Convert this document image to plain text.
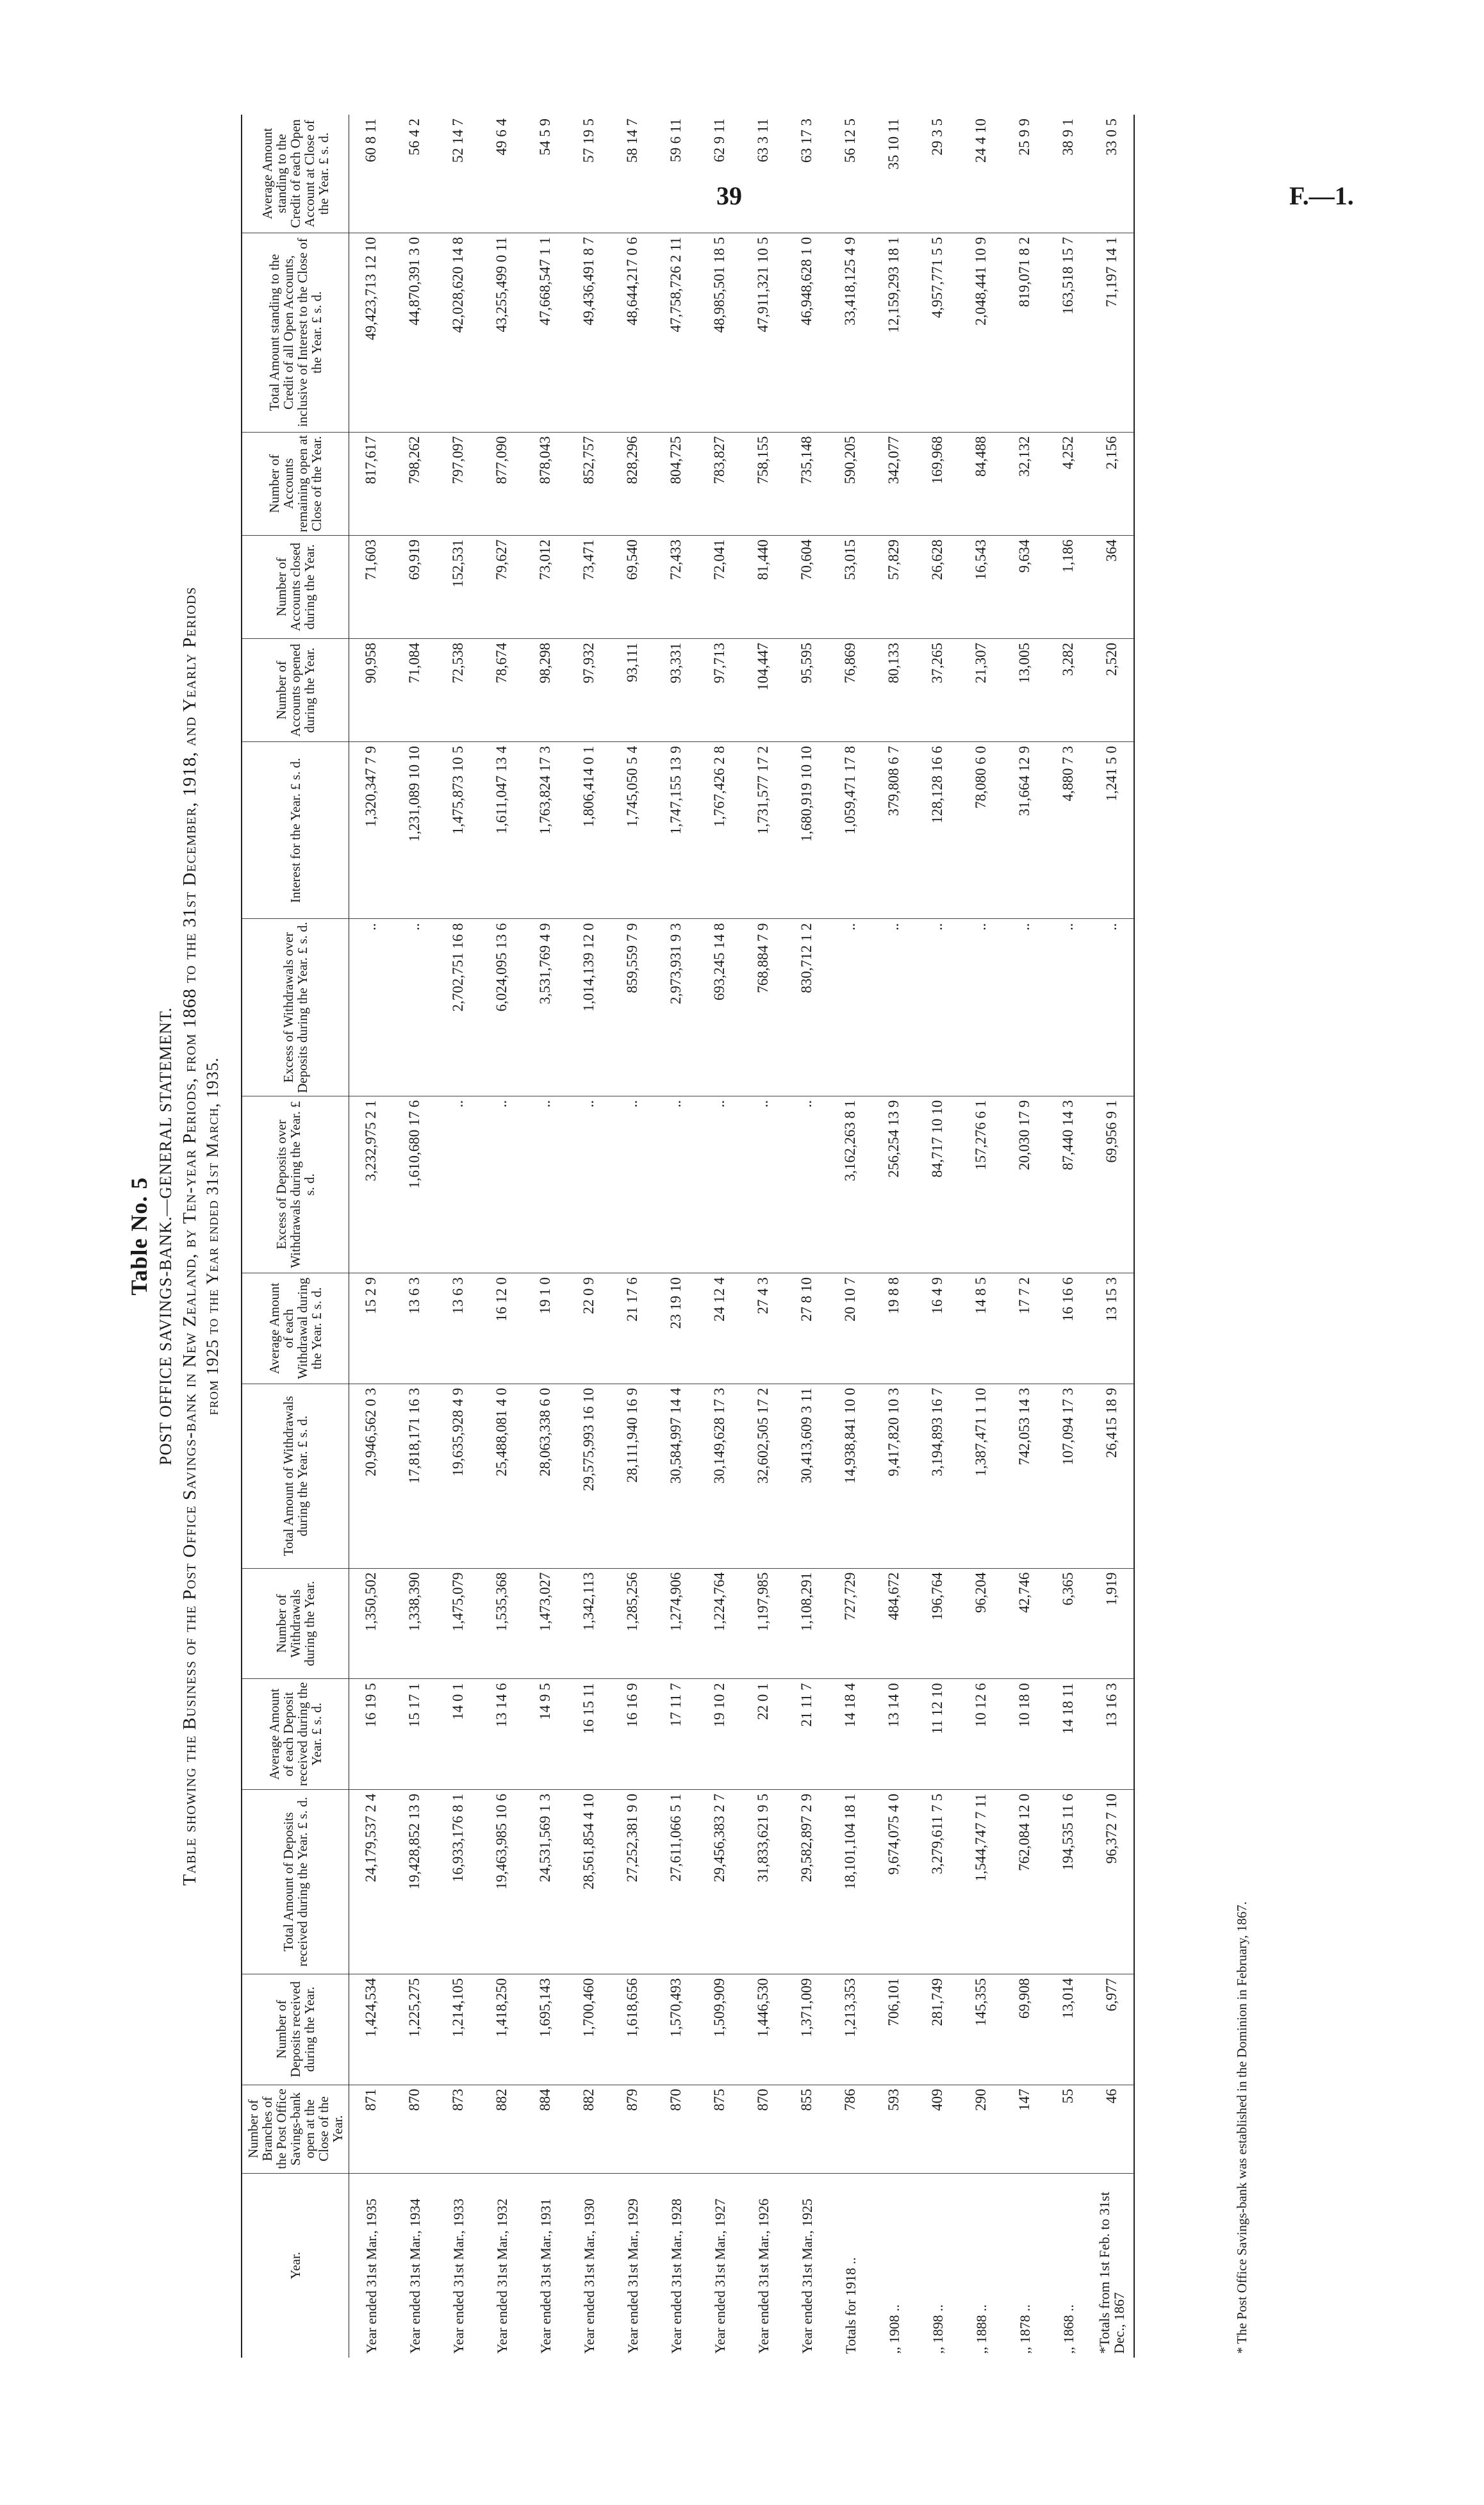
39	F.—1.
Table No. 5 POST OFFICE SAVINGS-BANK.—GENERAL STATEMENT. Table showing the Business of the Post Office Savings-bank in New Zealand, by Ten-year Periods, from 1868 to the 31st December, 1918, and Yearly Periods from 1925 to the Year ended 31st March, 1935.
Year.	Number of Branches of the Post Office Savings-bank open at the Close of the Year.	Number of Deposits received during the Year.	Total Amount of Deposits received during the Year. £ s. d.	Average Amount of each Deposit received during the Year. £ s. d.	Number of Withdrawals during the Year.	Total Amount of Withdrawals during the Year. £ s. d.	Average Amount of each Withdrawal during the Year. £ s. d.	Excess of Deposits over Withdrawals during the Year. £ s. d.	Excess of Withdrawals over Deposits during the Year. £ s. d.	Interest for the Year. £ s. d.	Number of Accounts opened during the Year.	Number of Accounts closed during the Year.	Number of Accounts remaining open at Close of the Year.	Total Amount standing to the Credit of all Open Accounts, inclusive of Interest to the Close of the Year. £ s. d.	Average Amount standing to the Credit of each Open Account at Close of the Year. £ s. d.
Year ended 31st Mar., 1935	871	1,424,534	24,179,537 2 4	16 19 5	1,350,502	20,946,562 0 3	15 2 9	3,232,975 2 1	..	1,320,347 7 9	90,958	71,603	817,617	49,423,713 12 10	60 8 11
Year ended 31st Mar., 1934	870	1,225,275	19,428,852 13 9	15 17 1	1,338,390	17,818,171 16 3	13 6 3	1,610,680 17 6	..	1,231,089 10 10	71,084	69,919	798,262	44,870,391 3 0	56 4 2
Year ended 31st Mar., 1933	873	1,214,105	16,933,176 8 1	14 0 1	1,475,079	19,635,928 4 9	13 6 3	..	2,702,751 16 8	1,475,873 10 5	72,538	152,531	797,097	42,028,620 14 8	52 14 7
Year ended 31st Mar., 1932	882	1,418,250	19,463,985 10 6	13 14 6	1,535,368	25,488,081 4 0	16 12 0	..	6,024,095 13 6	1,611,047 13 4	78,674	79,627	877,090	43,255,499 0 11	49 6 4
Year ended 31st Mar., 1931	884	1,695,143	24,531,569 1 3	14 9 5	1,473,027	28,063,338 6 0	19 1 0	..	3,531,769 4 9	1,763,824 17 3	98,298	73,012	878,043	47,668,547 1 1	54 5 9
Year ended 31st Mar., 1930	882	1,700,460	28,561,854 4 10	16 15 11	1,342,113	29,575,993 16 10	22 0 9	..	1,014,139 12 0	1,806,414 0 1	97,932	73,471	852,757	49,436,491 8 7	57 19 5
Year ended 31st Mar., 1929	879	1,618,656	27,252,381 9 0	16 16 9	1,285,256	28,111,940 16 9	21 17 6	..	859,559 7 9	1,745,050 5 4	93,111	69,540	828,296	48,644,217 0 6	58 14 7
Year ended 31st Mar., 1928	870	1,570,493	27,611,066 5 1	17 11 7	1,274,906	30,584,997 14 4	23 19 10	..	2,973,931 9 3	1,747,155 13 9	93,331	72,433	804,725	47,758,726 2 11	59 6 11
Year ended 31st Mar., 1927	875	1,509,909	29,456,383 2 7	19 10 2	1,224,764	30,149,628 17 3	24 12 4	..	693,245 14 8	1,767,426 2 8	97,713	72,041	783,827	48,985,501 18 5	62 9 11
Year ended 31st Mar., 1926	870	1,446,530	31,833,621 9 5	22 0 1	1,197,985	32,602,505 17 2	27 4 3	..	768,884 7 9	1,731,577 17 2	104,447	81,440	758,155	47,911,321 10 5	63 3 11
Year ended 31st Mar., 1925	855	1,371,009	29,582,897 2 9	21 11 7	1,108,291	30,413,609 3 11	27 8 10	..	830,712 1 2	1,680,919 10 10	95,595	70,604	735,148	46,948,628 1 0	63 17 3
Totals for 1918 ..	786	1,213,353	18,101,104 18 1	14 18 4	727,729	14,938,841 10 0	20 10 7	3,162,263 8 1	..	1,059,471 17 8	76,869	53,015	590,205	33,418,125 4 9	56 12 5
,, 1908 ..	593	706,101	9,674,075 4 0	13 14 0	484,672	9,417,820 10 3	19 8 8	256,254 13 9	..	379,808 6 7	80,133	57,829	342,077	12,159,293 18 1	35 10 11
,, 1898 ..	409	281,749	3,279,611 7 5	11 12 10	196,764	3,194,893 16 7	16 4 9	84,717 10 10	..	128,128 16 6	37,265	26,628	169,968	4,957,771 5 5	29 3 5
,, 1888 ..	290	145,355	1,544,747 7 11	10 12 6	96,204	1,387,471 1 10	14 8 5	157,276 6 1	..	78,080 6 0	21,307	16,543	84,488	2,048,441 10 9	24 4 10
,, 1878 ..	147	69,908	762,084 12 0	10 18 0	42,746	742,053 14 3	17 7 2	20,030 17 9	..	31,664 12 9	13,005	9,634	32,132	819,071 8 2	25 9 9
,, 1868 ..	55	13,014	194,535 11 6	14 18 11	6,365	107,094 17 3	16 16 6	87,440 14 3	..	4,880 7 3	3,282	1,186	4,252	163,518 15 7	38 9 1
*Totals from 1st Feb. to 31st Dec., 1867	46	6,977	96,372 7 10	13 16 3	1,919	26,415 18 9	13 15 3	69,956 9 1	..	1,241 5 0	2,520	364	2,156	71,197 14 1	33 0 5
* The Post Office Savings-bank was established in the Dominion in February, 1867.
